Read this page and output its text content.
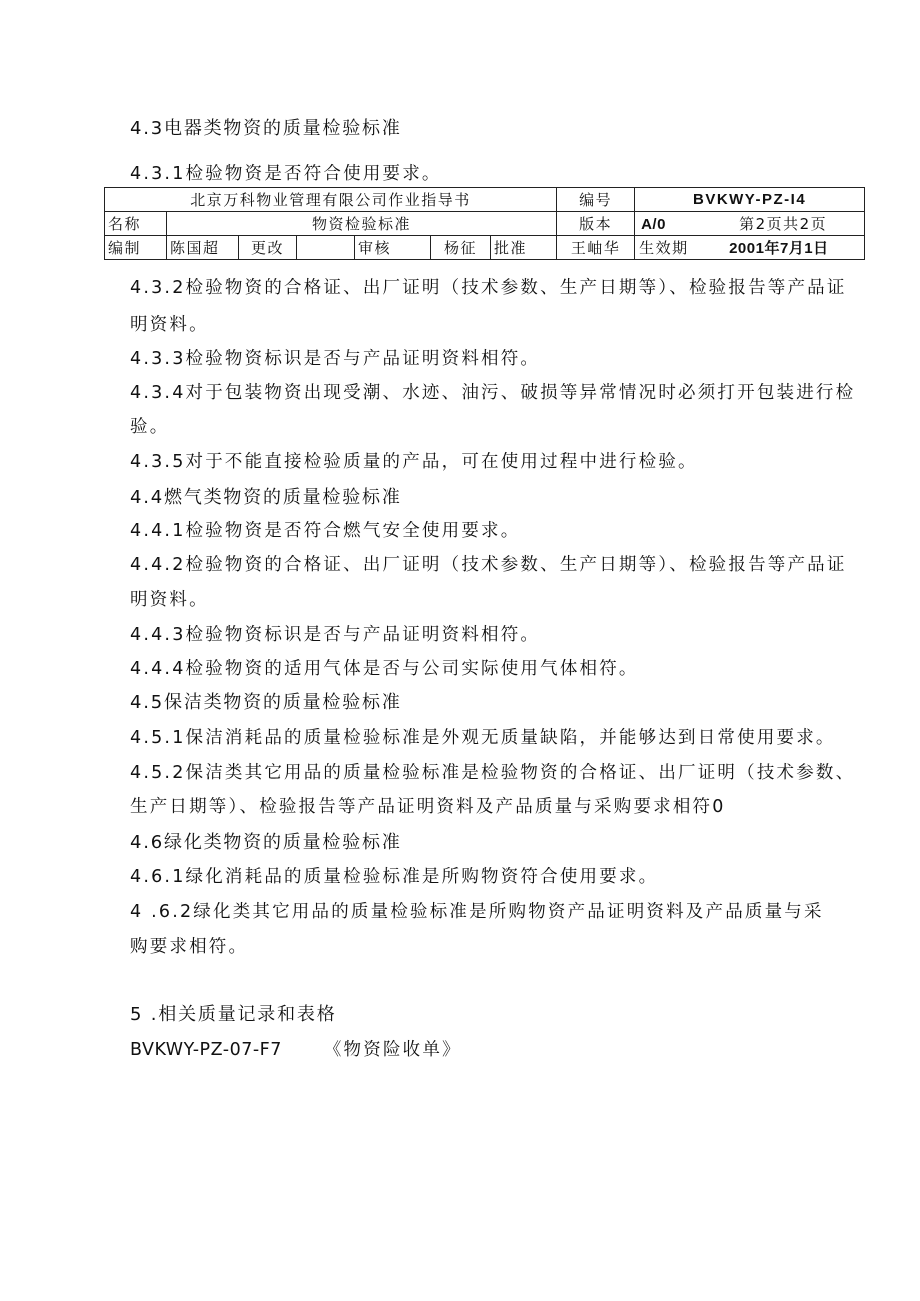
4.3电器类物资的质量检验标准
4.3.1检验物资是否符合使用要求。
北京万科物业管理有限公司作业指导书							编号	BVKWY-PZ-I4
名称	物资检验标准						版本	A/0 第2页共2页
编制	陈国超	更改		审核	杨征	批准	王岫华	生效期 2001年7月1日
4.3.2检验物资的合格证、出厂证明（技术参数、生产日期等）、检验报告等产品证
明资料。
4.3.3检验物资标识是否与产品证明资料相符。
4.3.4对于包装物资出现受潮、水迹、油污、破损等异常情况时必须打开包装进行检
验。
4.3.5对于不能直接检验质量的产品，可在使用过程中进行检验。
4.4燃气类物资的质量检验标准
4.4.1检验物资是否符合燃气安全使用要求。
4.4.2检验物资的合格证、出厂证明（技术参数、生产日期等）、检验报告等产品证
明资料。
4.4.3检验物资标识是否与产品证明资料相符。
4.4.4检验物资的适用气体是否与公司实际使用气体相符。
4.5保洁类物资的质量检验标准
4.5.1保洁消耗品的质量检验标准是外观无质量缺陷，并能够达到日常使用要求。
4.5.2保洁类其它用品的质量检验标准是检验物资的合格证、出厂证明（技术参数、
生产日期等）、检验报告等产品证明资料及产品质量与采购要求相符0
4.6绿化类物资的质量检验标准
4.6.1绿化消耗品的质量检验标准是所购物资符合使用要求。
4 .6.2绿化类其它用品的质量检验标准是所购物资产品证明资料及产品质量与采
购要求相符。
5 .相关质量记录和表格
BVKWY-PZ-07-F7 《物资险收单》
